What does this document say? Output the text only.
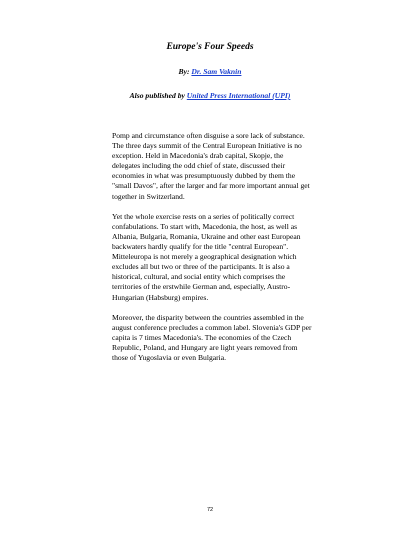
Europe's Four Speeds
By: Dr. Sam Vaknin
Also published by United Press International (UPI)

Pomp and circumstance often disguise a sore lack of substance. The three days summit of the Central European Initiative is no exception. Held in Macedonia's drab capital, Skopje, the delegates including the odd chief of state, discussed their economies in what was presumptuously dubbed by them the "small Davos", after the larger and far more important annual get together in Switzerland.

Yet the whole exercise rests on a series of politically correct confabulations. To start with, Macedonia, the host, as well as Albania, Bulgaria, Romania, Ukraine and other east European backwaters hardly qualify for the title "central European". Mitteleuropa is not merely a geographical designation which excludes all but two or three of the participants. It is also a historical, cultural, and social entity which comprises the territories of the erstwhile German and, especially, Austro-Hungarian (Habsburg) empires.

Moreover, the disparity between the countries assembled in the august conference precludes a common label. Slovenia's GDP per capita is 7 times Macedonia's. The economies of the Czech Republic, Poland, and Hungary are light years removed from those of Yugoslavia or even Bulgaria.

72
